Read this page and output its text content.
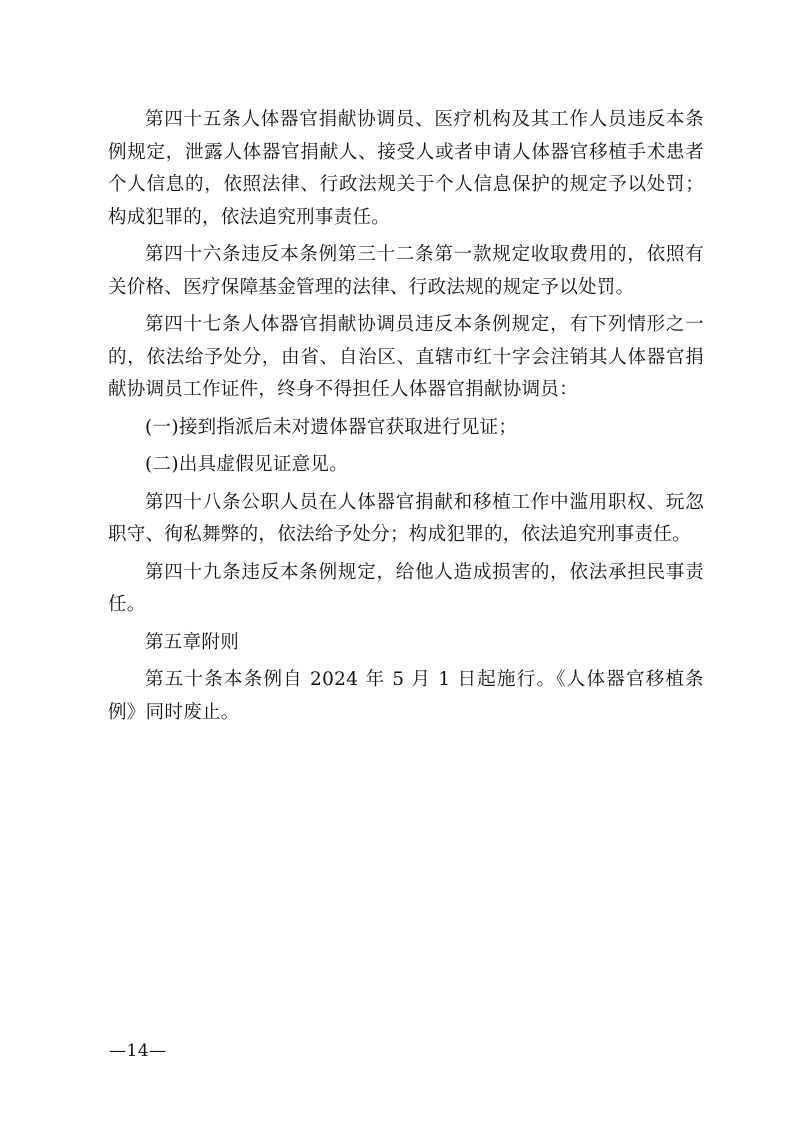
第四十五条人体器官捐献协调员、医疗机构及其工作人员违反本条例规定，泄露人体器官捐献人、接受人或者申请人体器官移植手术患者个人信息的，依照法律、行政法规关于个人信息保护的规定予以处罚；构成犯罪的，依法追究刑事责任。

第四十六条违反本条例第三十二条第一款规定收取费用的，依照有关价格、医疗保障基金管理的法律、行政法规的规定予以处罚。

第四十七条人体器官捐献协调员违反本条例规定，有下列情形之一的，依法给予处分，由省、自治区、直辖市红十字会注销其人体器官捐献协调员工作证件，终身不得担任人体器官捐献协调员：

(一)接到指派后未对遗体器官获取进行见证；

(二)出具虚假见证意见。

第四十八条公职人员在人体器官捐献和移植工作中滥用职权、玩忽职守、徇私舞弊的，依法给予处分；构成犯罪的，依法追究刑事责任。

第四十九条违反本条例规定，给他人造成损害的，依法承担民事责任。

第五章附则

第五十条本条例自 2024 年 5 月 1 日起施行。《人体器官移植条例》同时废止。

—14—
